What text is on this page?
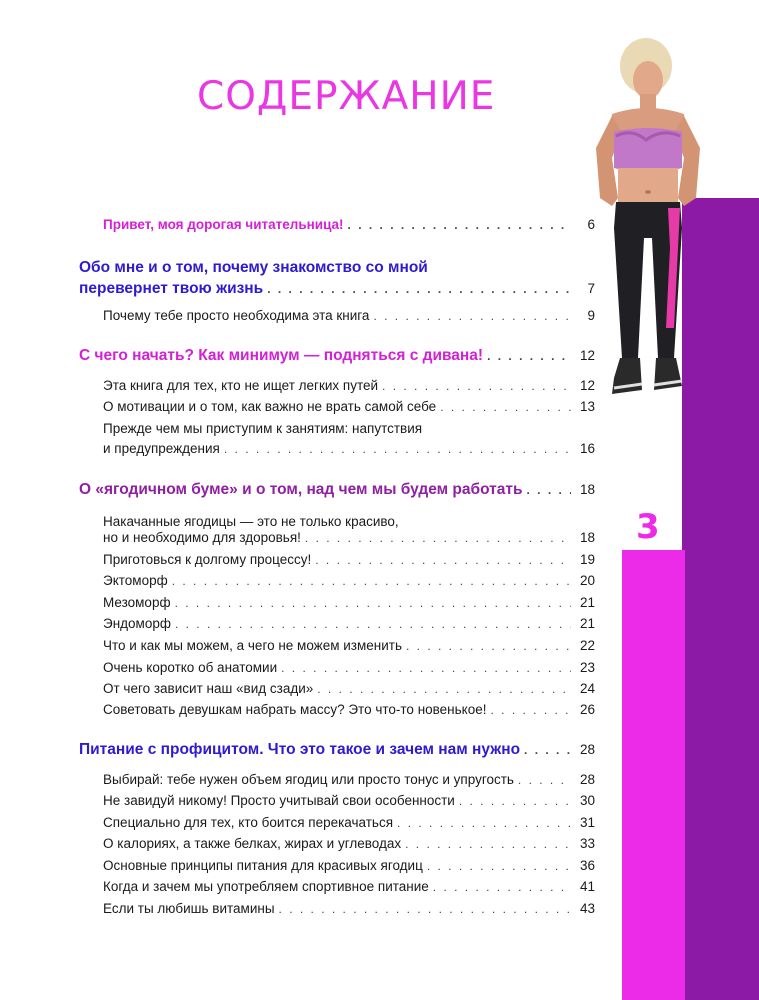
3
СОДЕРЖАНИЕ
Привет, моя дорогая читательница! . . .	6
Обо мне и о том, почему знакомство со мной
перевернет твою жизнь . . .	7
Почему тебе просто необходима эта книга . . .	9
С чего начать? Как минимум — подняться с дивана! . . .	12
Эта книга для тех, кто не ищет легких путей . . .	12
О мотивации и о том, как важно не врать самой себе . . .	13
Прежде чем мы приступим к занятиям: напутствия
и предупреждения . . .	16
О «ягодичном буме» и о том, над чем мы будем работать . . .	18
Накачанные ягодицы — это не только красиво,
но и необходимо для здоровья! . . .	18
Приготовься к долгому процессу! . . .	19
Эктоморф . . .	20
Мезоморф . . .	21
Эндоморф . . .	21
Что и как мы можем, а чего не можем изменить . . .	22
Очень коротко об анатомии . . .	23
От чего зависит наш «вид сзади» . . .	24
Советовать девушкам набрать массу? Это что-то новенькое! . . .	26
Питание с профицитом. Что это такое и зачем нам нужно . . .	28
Выбирай: тебе нужен объем ягодиц или просто тонус и упругость . . .	28
Не завидуй никому! Просто учитывай свои особенности . . .	30
Специально для тех, кто боится перекачаться . . .	31
О калориях, а также белках, жирах и углеводах . . .	33
Основные принципы питания для красивых ягодиц . . .	36
Когда и зачем мы употребляем спортивное питание . . .	41
Если ты любишь витамины . . .	43
